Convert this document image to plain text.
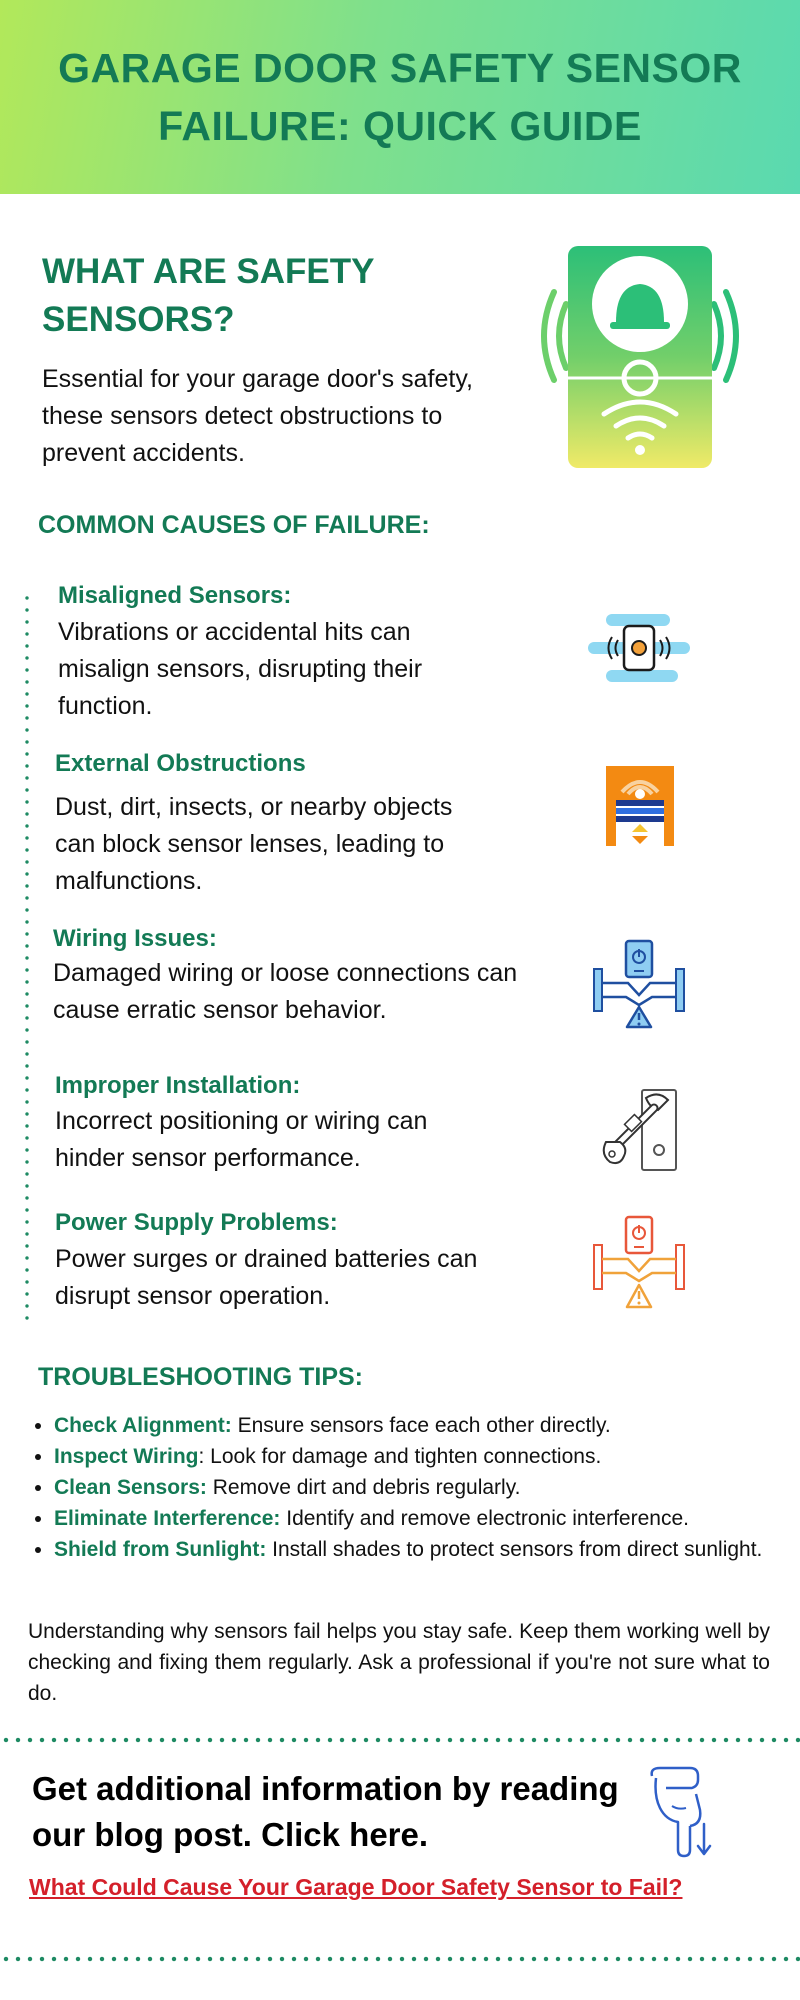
GARAGE DOOR SAFETY SENSOR FAILURE: QUICK GUIDE
WHAT ARE SAFETY SENSORS?
Essential for your garage door's safety, these sensors detect obstructions to prevent accidents.
COMMON CAUSES OF FAILURE:
Misaligned Sensors:
Vibrations or accidental hits can misalign sensors, disrupting their function.
External Obstructions
Dust, dirt, insects, or nearby objects can block sensor lenses, leading to malfunctions.
Wiring Issues:
Damaged wiring or loose connections can cause erratic sensor behavior.
Improper Installation:
Incorrect positioning or wiring can hinder sensor performance.
Power Supply Problems:
Power surges or drained batteries can disrupt sensor operation.
TROUBLESHOOTING TIPS:
• Check Alignment: Ensure sensors face each other directly.
• Inspect Wiring: Look for damage and tighten connections.
• Clean Sensors: Remove dirt and debris regularly.
• Eliminate Interference: Identify and remove electronic interference.
• Shield from Sunlight: Install shades to protect sensors from direct sunlight.
Understanding why sensors fail helps you stay safe. Keep them working well by checking and fixing them regularly. Ask a professional if you're not sure what to do.
Get additional information by reading our blog post. Click here.
What Could Cause Your Garage Door Safety Sensor to Fail?
